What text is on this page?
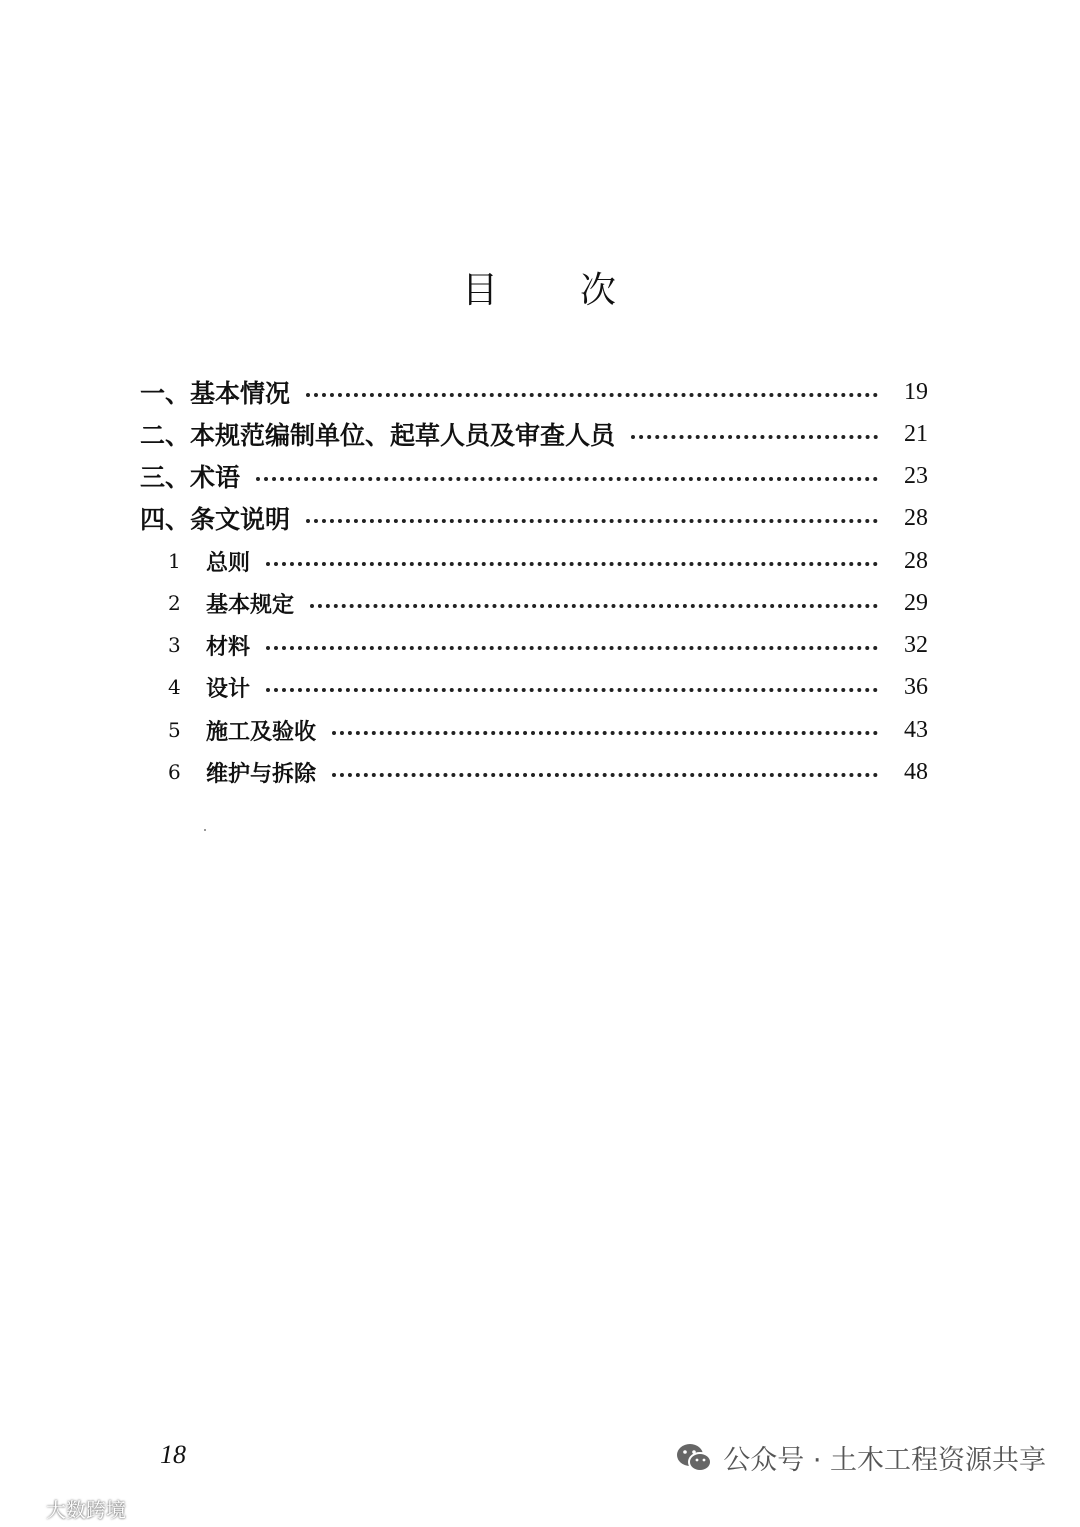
目 次
一、基本情况	19
二、本规范编制单位、起草人员及审查人员	21
三、术语	23
四、条文说明	28
1	总则	28
2	基本规定	29
3	材料	32
4	设计	36
5	施工及验收	43
6	维护与拆除	48
18	公众号 · 土木工程资源共享
大数跨境
